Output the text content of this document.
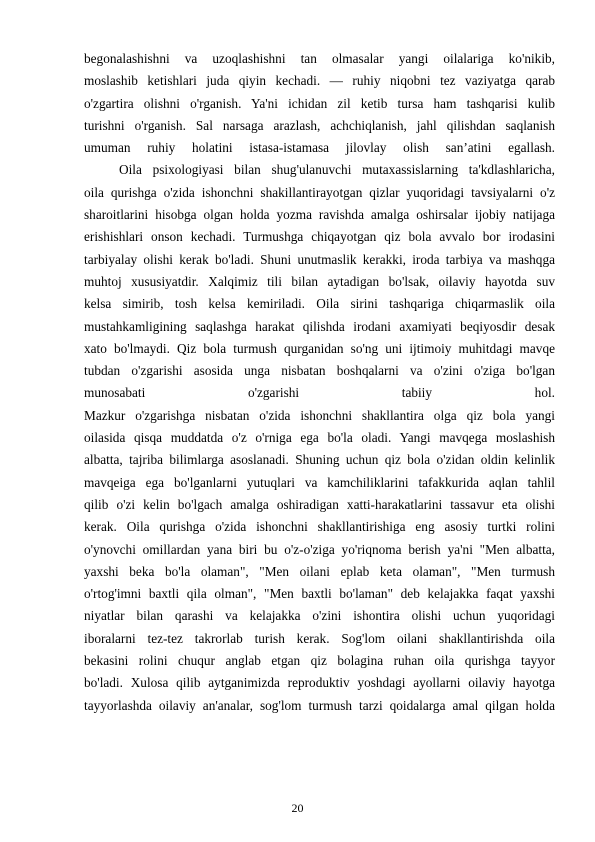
begonalashishni va uzoqlashishni tan olmasalar yangi oilalariga ko'nikib,
moslashib ketishlari juda qiyin kechadi. — ruhiy niqobni tez vaziyatga qarab
o'zgartira olishni o'rganish. Ya'ni ichidan zil ketib tursa ham tashqarisi kulib
turishni o'rganish. Sal narsaga arazlash, achchiqlanish, jahl qilishdan saqlanish
umuman ruhiy holatini istasa-istamasa jilovlay olish san’atini egallash.
Oila psixologiyasi bilan shug'ulanuvchi mutaxassislarning ta'kdlashlaricha,
oila qurishga o'zida ishonchni shakillantirayotgan qizlar yuqoridagi tavsiyalarni o'z
sharoitlarini hisobga olgan holda yozma ravishda amalga oshirsalar ijobiy natijaga
erishishlari onson kechadi. Turmushga chiqayotgan qiz bola avvalo bor irodasini
tarbiyalay olishi kerak bo'ladi. Shuni unutmaslik kerakki, iroda tarbiya va mashqga
muhtoj xususiyatdir. Xalqimiz tili bilan aytadigan bo'lsak, oilaviy hayotda suv
kelsa simirib, tosh kelsa kemiriladi. Oila sirini tashqariga chiqarmaslik oila
mustahkamligining saqlashga harakat qilishda irodani axamiyati beqiyosdir desak
xato bo'lmaydi. Qiz bola turmush qurganidan so'ng uni ijtimoiy muhitdagi mavqe
tubdan o'zgarishi asosida unga nisbatan boshqalarni va o'zini o'ziga bo'lgan
munosabati o'zgarishi tabiiy hol.
Mazkur o'zgarishga nisbatan o'zida ishonchni shakllantira olga qiz bola yangi
oilasida qisqa muddatda o'z o'rniga ega bo'la oladi. Yangi mavqega moslashish
albatta, tajriba bilimlarga asoslanadi. Shuning uchun qiz bola o'zidan oldin kelinlik
mavqeiga ega bo'lganlarni yutuqlari va kamchiliklarini tafakkurida aqlan tahlil
qilib o'zi kelin bo'lgach amalga oshiradigan xatti-harakatlarini tassavur eta olishi
kerak. Oila qurishga o'zida ishonchni shakllantirishiga eng asosiy turtki rolini
o'ynovchi omillardan yana biri bu o'z-o'ziga yo'riqnoma berish ya'ni "Men albatta,
yaxshi beka bo'la olaman", "Men oilani eplab keta olaman", "Men turmush
o'rtog'imni baxtli qila olman", "Men baxtli bo'laman" deb kelajakka faqat yaxshi
niyatlar bilan qarashi va kelajakka o'zini ishontira olishi uchun yuqoridagi
iboralarni tez-tez takrorlab turish kerak. Sog'lom oilani shakllantirishda oila
bekasini rolini chuqur anglab etgan qiz bolagina ruhan oila qurishga tayyor
bo'ladi. Xulosa qilib aytganimizda reproduktiv yoshdagi ayollarni oilaviy hayotga
tayyorlashda oilaviy an'analar, sog'lom turmush tarzi qoidalarga amal qilgan holda
20
